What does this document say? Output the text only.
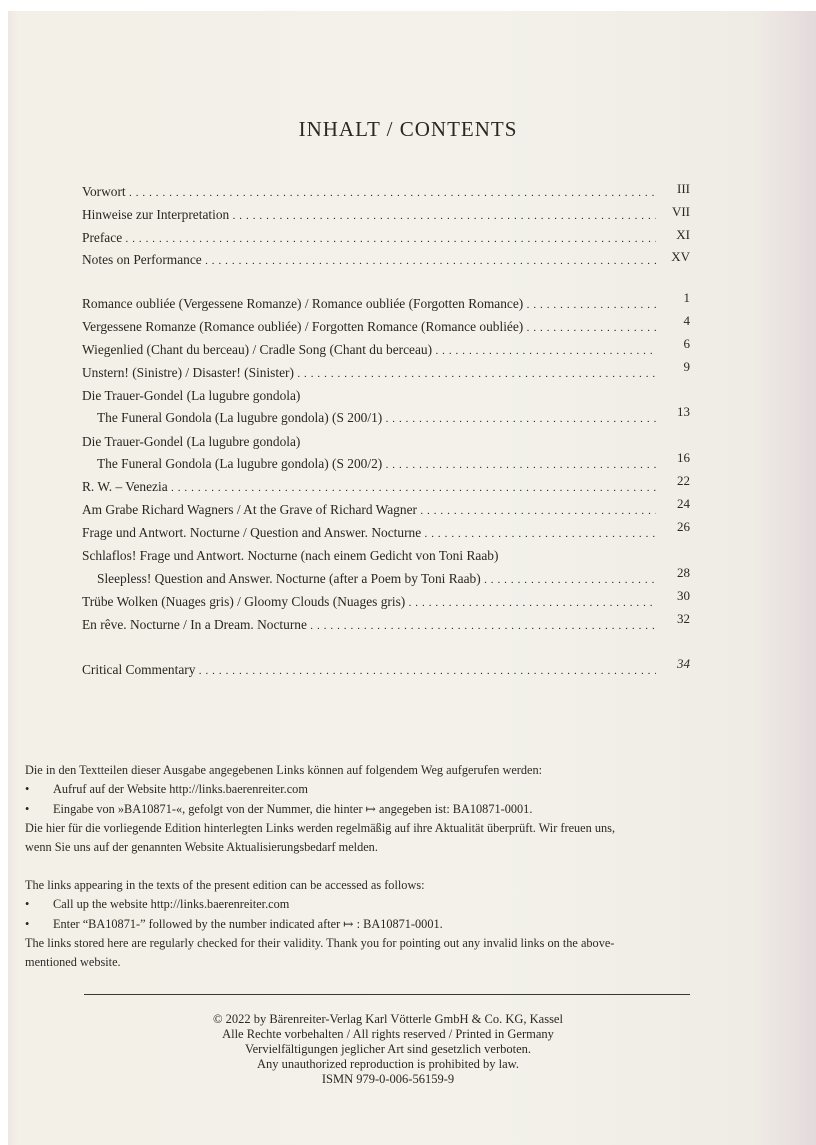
INHALT / CONTENTS
Vorwort . . .	III
Hinweise zur Interpretation . . .	VII
Preface . . .	XI
Notes on Performance . . .	XV
Romance oubliée (Vergessene Romanze) / Romance oubliée (Forgotten Romance) . . .	1
Vergessene Romanze (Romance oubliée) / Forgotten Romance (Romance oubliée) . . .	4
Wiegenlied (Chant du berceau) / Cradle Song (Chant du berceau) . . .	6
Unstern! (Sinistre) / Disaster! (Sinister) . . .	9
Die Trauer-Gondel (La lugubre gondola)
The Funeral Gondola (La lugubre gondola) (S 200/1) . . .	13
Die Trauer-Gondel (La lugubre gondola)
The Funeral Gondola (La lugubre gondola) (S 200/2) . . .	16
R. W. – Venezia . . .	22
Am Grabe Richard Wagners / At the Grave of Richard Wagner . . .	24
Frage und Antwort. Nocturne / Question and Answer. Nocturne . . .	26
Schlaflos! Frage und Antwort. Nocturne (nach einem Gedicht von Toni Raab)
Sleepless! Question and Answer. Nocturne (after a Poem by Toni Raab) . . .	28
Trübe Wolken (Nuages gris) / Gloomy Clouds (Nuages gris) . . .	30
En rêve. Nocturne / In a Dream. Nocturne . . .	32
Critical Commentary . . .	34
Die in den Textteilen dieser Ausgabe angegebenen Links können auf folgendem Weg aufgerufen werden:
• Aufruf auf der Website http://links.baerenreiter.com
• Eingabe von »BA10871-«, gefolgt von der Nummer, die hinter ↦ angegeben ist: BA10871-0001.
Die hier für die vorliegende Edition hinterlegten Links werden regelmäßig auf ihre Aktualität überprüft. Wir freuen uns,
wenn Sie uns auf der genannten Website Aktualisierungsbedarf melden.
The links appearing in the texts of the present edition can be accessed as follows:
• Call up the website http://links.baerenreiter.com
• Enter “BA10871-” followed by the number indicated after ↦ : BA10871-0001.
The links stored here are regularly checked for their validity. Thank you for pointing out any invalid links on the above-
mentioned website.
© 2022 by Bärenreiter-Verlag Karl Vötterle GmbH & Co. KG, Kassel
Alle Rechte vorbehalten / All rights reserved / Printed in Germany
Vervielfältigungen jeglicher Art sind gesetzlich verboten.
Any unauthorized reproduction is prohibited by law.
ISMN 979-0-006-56159-9
